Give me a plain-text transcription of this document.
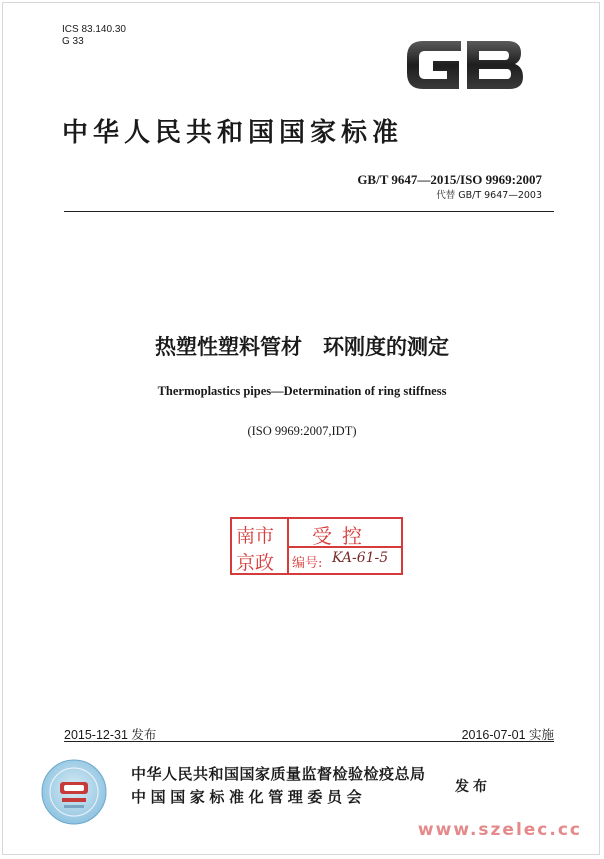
ICS 83.140.30
G 33
中华人民共和国国家标准
GB/T 9647—2015/ISO 9969:2007
代替 GB/T 9647—2003
热塑性塑料管材　环刚度的测定
Thermoplastics pipes—Determination of ring stiffness
(ISO 9969:2007,IDT)
南市
京政
受控
编号: KA-61-5
2015-12-31 发布	2016-07-01 实施
中华人民共和国国家质量监督检验检疫总局
中国国家标准化管理委员会
发布
www.szelec.cc
